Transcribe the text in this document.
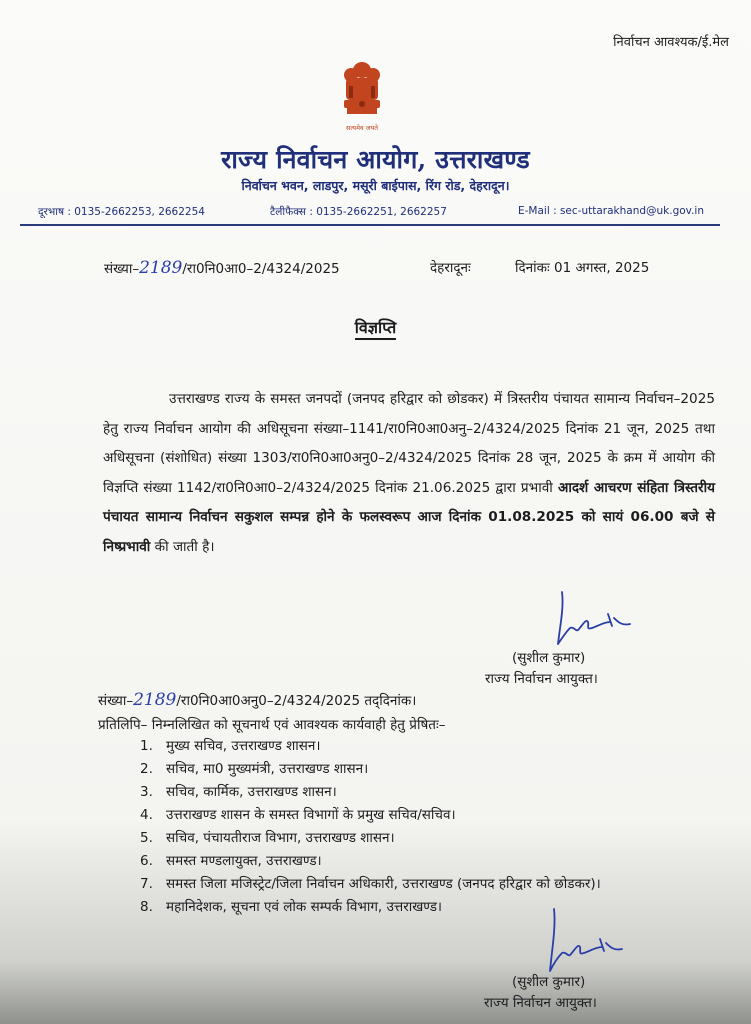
निर्वाचन आवश्यक/ई.मेल
सत्यमेव जयते
राज्य निर्वाचन आयोग, उत्तराखण्ड
निर्वाचन भवन, लाडपुर, मसूरी बाईपास, रिंग रोड, देहरादून।
दूरभाष : 0135-2662253, 2662254	टैलीफैक्स : 0135-2662251, 2662257	E-Mail : sec-uttarakhand@uk.gov.in
संख्या–2189/रा0नि0आ0–2/4324/2025	देहरादूनः	दिनांकः 01 अगस्त, 2025
विज्ञप्ति
उत्तराखण्ड राज्य के समस्त जनपदों (जनपद हरिद्वार को छोडकर) में त्रिस्तरीय पंचायत सामान्य निर्वाचन–2025 हेतु राज्य निर्वाचन आयोग की अधिसूचना संख्या–1141/रा0नि0आ0अनु–2/4324/2025 दिनांक 21 जून, 2025 तथा अधिसूचना (संशोधित) संख्या 1303/रा0नि0आ0अनु0–2/4324/2025 दिनांक 28 जून, 2025 के क्रम में आयोग की विज्ञप्ति संख्या 1142/रा0नि0आ0–2/4324/2025 दिनांक 21.06.2025 द्वारा प्रभावी आदर्श आचरण संहिता त्रिस्तरीय पंचायत सामान्य निर्वाचन सकुशल सम्पन्न होने के फलस्वरूप आज दिनांक 01.08.2025 को सायं 06.00 बजे से निष्प्रभावी की जाती है।
(सुशील कुमार)
राज्य निर्वाचन आयुक्त।
संख्या–2189/रा0नि0आ0अनु0–2/4324/2025 तद्‌दिनांक।
प्रतिलिपि– निम्नलिखित को सूचनार्थ एवं आवश्यक कार्यवाही हेतु प्रेषितः–
1. मुख्य सचिव, उत्तराखण्ड शासन।
2. सचिव, मा0 मुख्यमंत्री, उत्तराखण्ड शासन।
3. सचिव, कार्मिक, उत्तराखण्ड शासन।
4. उत्तराखण्ड शासन के समस्त विभागों के प्रमुख सचिव/सचिव।
5. सचिव, पंचायतीराज विभाग, उत्तराखण्ड शासन।
6. समस्त मण्डलायुक्त, उत्तराखण्ड।
7. समस्त जिला मजिस्ट्रेट/जिला निर्वाचन अधिकारी, उत्तराखण्ड (जनपद हरिद्वार को छोडकर)।
8. महानिदेशक, सूचना एवं लोक सम्पर्क विभाग, उत्तराखण्ड।
(सुशील कुमार)
राज्य निर्वाचन आयुक्त।
